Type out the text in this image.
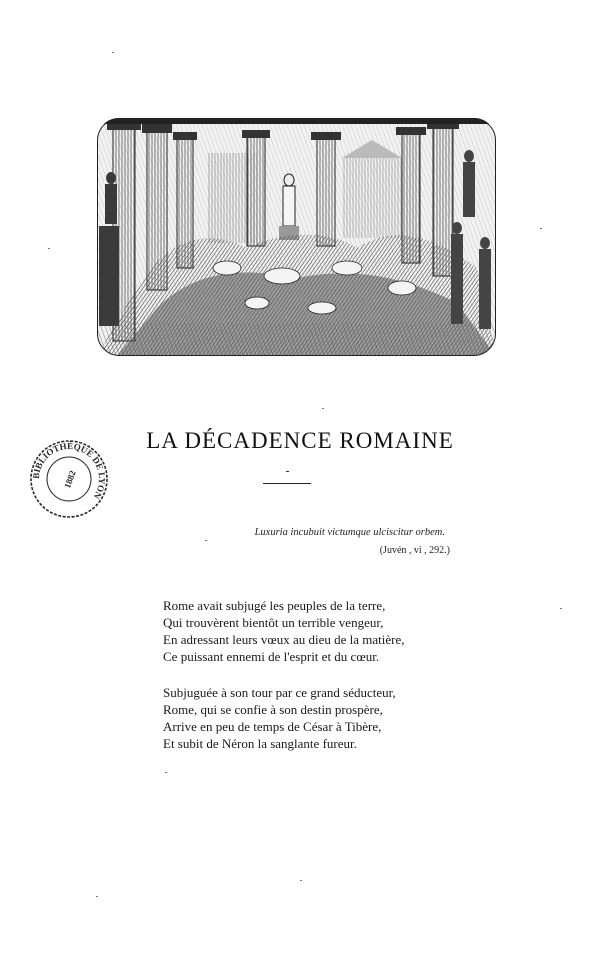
BIBLIOTHÈQUE DE LYON
1882
LA DÉCADENCE ROMAINE
Luxuria incubuit victumque ulciscitur orbem.
(Juvén , vi , 292.)
Rome avait subjugé les peuples de la terre,
Qui trouvèrent bientôt un terrible vengeur,
En adressant leurs vœux au dieu de la matière,
Ce puissant ennemi de l'esprit et du cœur.
Subjuguée à son tour par ce grand séducteur,
Rome, qui se confie à son destin prospère,
Arrive en peu de temps de César à Tibère,
Et subit de Néron la sanglante fureur.
